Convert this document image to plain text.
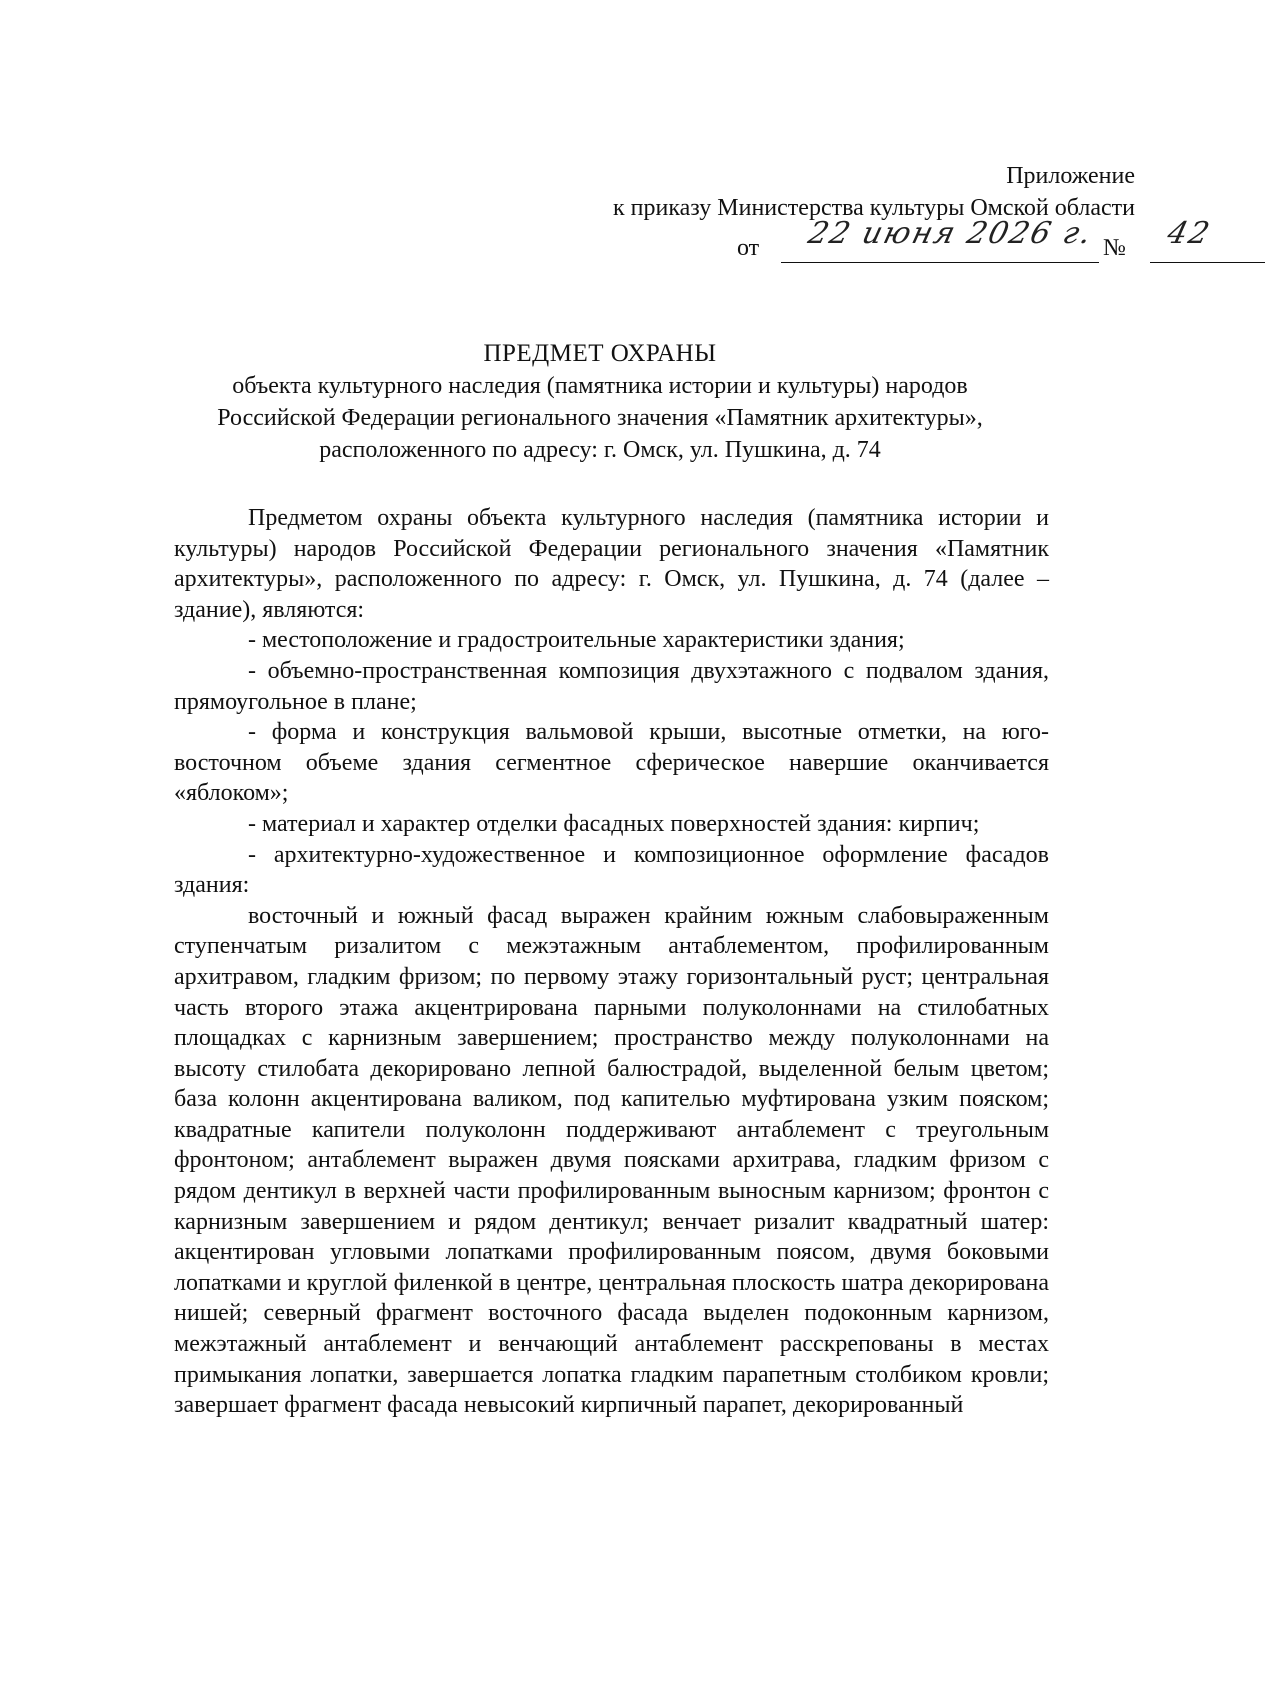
Приложение
к приказу Министерства культуры Омской области
от 22 июня 2026 г. № 42
ПРЕДМЕТ ОХРАНЫ
объекта культурного наследия (памятника истории и культуры) народов
Российской Федерации регионального значения «Памятник архитектуры»,
расположенного по адресу: г. Омск, ул. Пушкина, д. 74

Предметом охраны объекта культурного наследия (памятника истории и культуры) народов Российской Федерации регионального значения «Памятник архитектуры», расположенного по адресу: г. Омск, ул. Пушкина, д. 74 (далее – здание), являются:

- местоположение и градостроительные характеристики здания;

- объемно-пространственная композиция двухэтажного с подвалом здания, прямоугольное в плане;

- форма и конструкция вальмовой крыши, высотные отметки, на юго-восточном объеме здания сегментное сферическое навершие оканчивается «яблоком»;

- материал и характер отделки фасадных поверхностей здания: кирпич;

- архитектурно-художественное и композиционное оформление фасадов здания:

восточный и южный фасад выражен крайним южным слабовыраженным ступенчатым ризалитом с межэтажным антаблементом, профилированным архитравом, гладким фризом; по первому этажу горизонтальный руст; центральная часть второго этажа акцентрирована парными полуколоннами на стилобатных площадках с карнизным завершением; пространство между полуколоннами на высоту стилобата декорировано лепной балюстрадой, выделенной белым цветом; база колонн акцентирована валиком, под капителью муфтирована узким пояском; квадратные капители полуколонн поддерживают антаблемент с треугольным фронтоном; антаблемент выражен двумя поясками архитрава, гладким фризом с рядом дентикул в верхней части профилированным выносным карнизом; фронтон с карнизным завершением и рядом дентикул; венчает ризалит квадратный шатер: акцентирован угловыми лопатками профилированным поясом, двумя боковыми лопатками и круглой филенкой в центре, центральная плоскость шатра декорирована нишей; северный фрагмент восточного фасада выделен подоконным карнизом, межэтажный антаблемент и венчающий антаблемент расскрепованы в местах примыкания лопатки, завершается лопатка гладким парапетным столбиком кровли; завершает фрагмент фасада невысокий кирпичный парапет, декорированный
